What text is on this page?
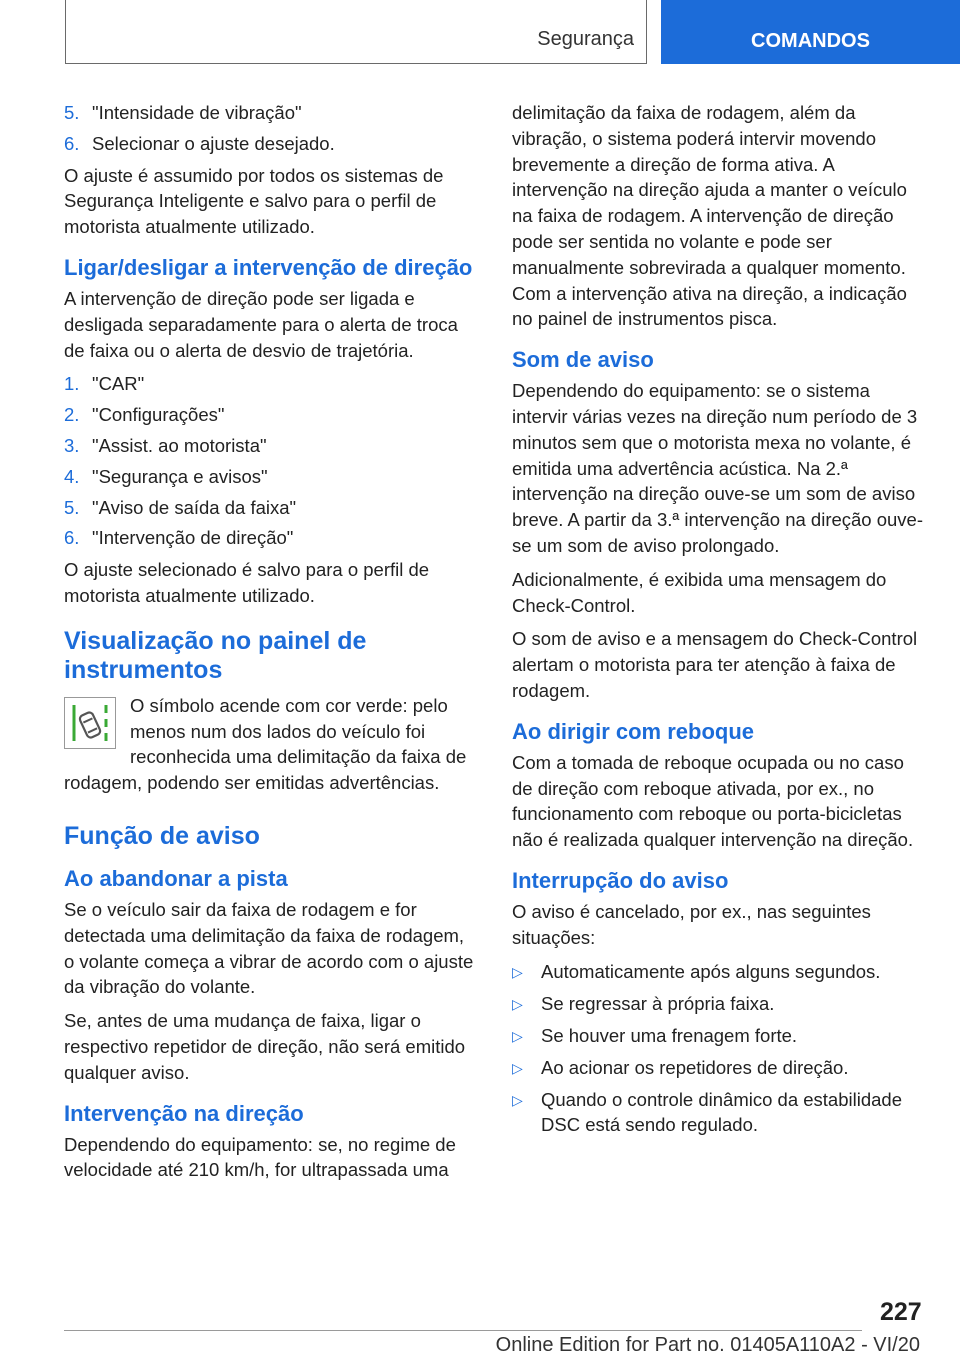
Segurança	COMANDOS
5. "Intensidade de vibração"
6. Selecionar o ajuste desejado.

O ajuste é assumido por todos os sistemas de Segurança Inteligente e salvo para o perfil de motorista atualmente utilizado.

Ligar/desligar a intervenção de direção

A intervenção de direção pode ser ligada e desligada separadamente para o alerta de troca de faixa ou o alerta de desvio de trajetória.

1. "CAR"
2. "Configurações"
3. "Assist. ao motorista"
4. "Segurança e avisos"
5. "Aviso de saída da faixa"
6. "Intervenção de direção"

O ajuste selecionado é salvo para o perfil de motorista atualmente utilizado.

Visualização no painel de instrumentos
O símbolo acende com cor verde: pelo menos num dos lados do veículo foi reconhecida uma delimitação da faixa de rodagem, podendo ser emitidas advertências.
Função de aviso
Ao abandonar a pista

Se o veículo sair da faixa de rodagem e for detectada uma delimitação da faixa de rodagem, o volante começa a vibrar de acordo com o ajuste da vibração do volante.

Se, antes de uma mudança de faixa, ligar o respectivo repetidor de direção, não será emitido qualquer aviso.

Intervenção na direção

Dependendo do equipamento: se, no regime de velocidade até 210 km/h, for ultrapassada uma

delimitação da faixa de rodagem, além da vibração, o sistema poderá intervir movendo brevemente a direção de forma ativa. A intervenção na direção ajuda a manter o veículo na faixa de rodagem. A intervenção de direção pode ser sentida no volante e pode ser manualmente sobrevirada a qualquer momento. Com a intervenção ativa na direção, a indicação no painel de instrumentos pisca.

Som de aviso

Dependendo do equipamento: se o sistema intervir várias vezes na direção num período de 3 minutos sem que o motorista mexa no volante, é emitida uma advertência acústica. Na 2.ª intervenção na direção ouve-se um som de aviso breve. A partir da 3.ª intervenção na direção ouve-se um som de aviso prolongado.

Adicionalmente, é exibida uma mensagem do Check-Control.

O som de aviso e a mensagem do Check-Control alertam o motorista para ter atenção à faixa de rodagem.

Ao dirigir com reboque

Com a tomada de reboque ocupada ou no caso de direção com reboque ativada, por ex., no funcionamento com reboque ou porta-bicicletas não é realizada qualquer intervenção na direção.

Interrupção do aviso

O aviso é cancelado, por ex., nas seguintes situações:

▷ Automaticamente após alguns segundos.
▷ Se regressar à própria faixa.
▷ Se houver uma frenagem forte.
▷ Ao acionar os repetidores de direção.
▷ Quando o controle dinâmico da estabilidade DSC está sendo regulado.
227
Online Edition for Part no. 01405A110A2 - VI/20
